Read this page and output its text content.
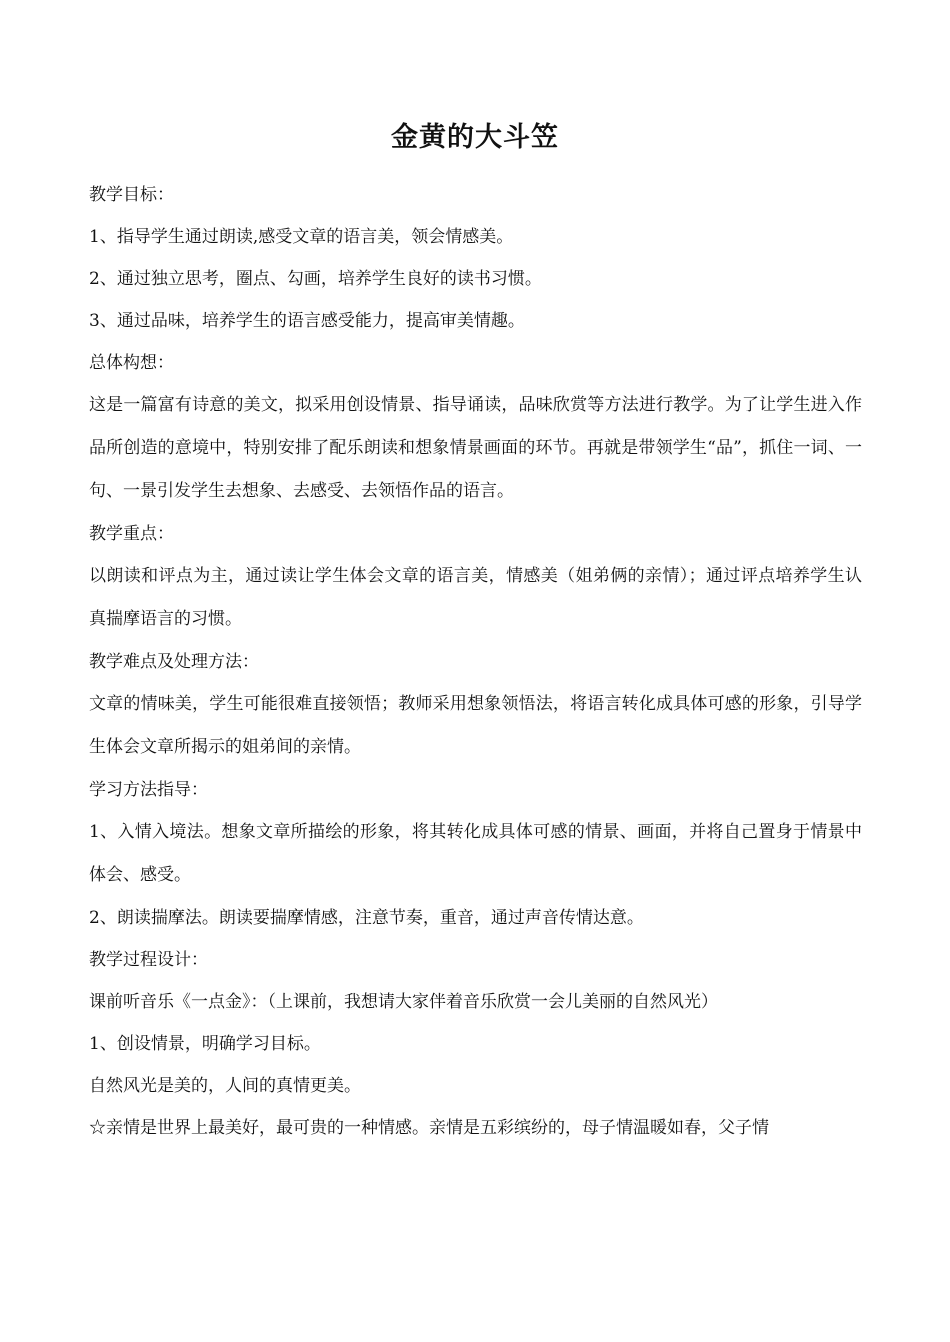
金黄的大斗笠

教学目标：

1、指导学生通过朗读,感受文章的语言美，领会情感美。

2、通过独立思考，圈点、勾画，培养学生良好的读书习惯。

3、通过品味，培养学生的语言感受能力，提高审美情趣。

总体构想：

这是一篇富有诗意的美文，拟采用创设情景、指导诵读，品味欣赏等方法进行教学。为了让学生进入作品所创造的意境中，特别安排了配乐朗读和想象情景画面的环节。再就是带领学生“品”，抓住一词、一句、一景引发学生去想象、去感受、去领悟作品的语言。

教学重点：

以朗读和评点为主，通过读让学生体会文章的语言美，情感美（姐弟俩的亲情）；通过评点培养学生认真揣摩语言的习惯。

教学难点及处理方法：

文章的情味美，学生可能很难直接领悟；教师采用想象领悟法，将语言转化成具体可感的形象，引导学生体会文章所揭示的姐弟间的亲情。

学习方法指导：

1、入情入境法。想象文章所描绘的形象，将其转化成具体可感的情景、画面，并将自己置身于情景中体会、感受。

2、朗读揣摩法。朗读要揣摩情感，注意节奏，重音，通过声音传情达意。

教学过程设计：

课前听音乐《一点金》：（上课前，我想请大家伴着音乐欣赏一会儿美丽的自然风光）

1、创设情景，明确学习目标。

自然风光是美的，人间的真情更美。

☆亲情是世界上最美好，最可贵的一种情感。亲情是五彩缤纷的，母子情温暖如春，父子情
